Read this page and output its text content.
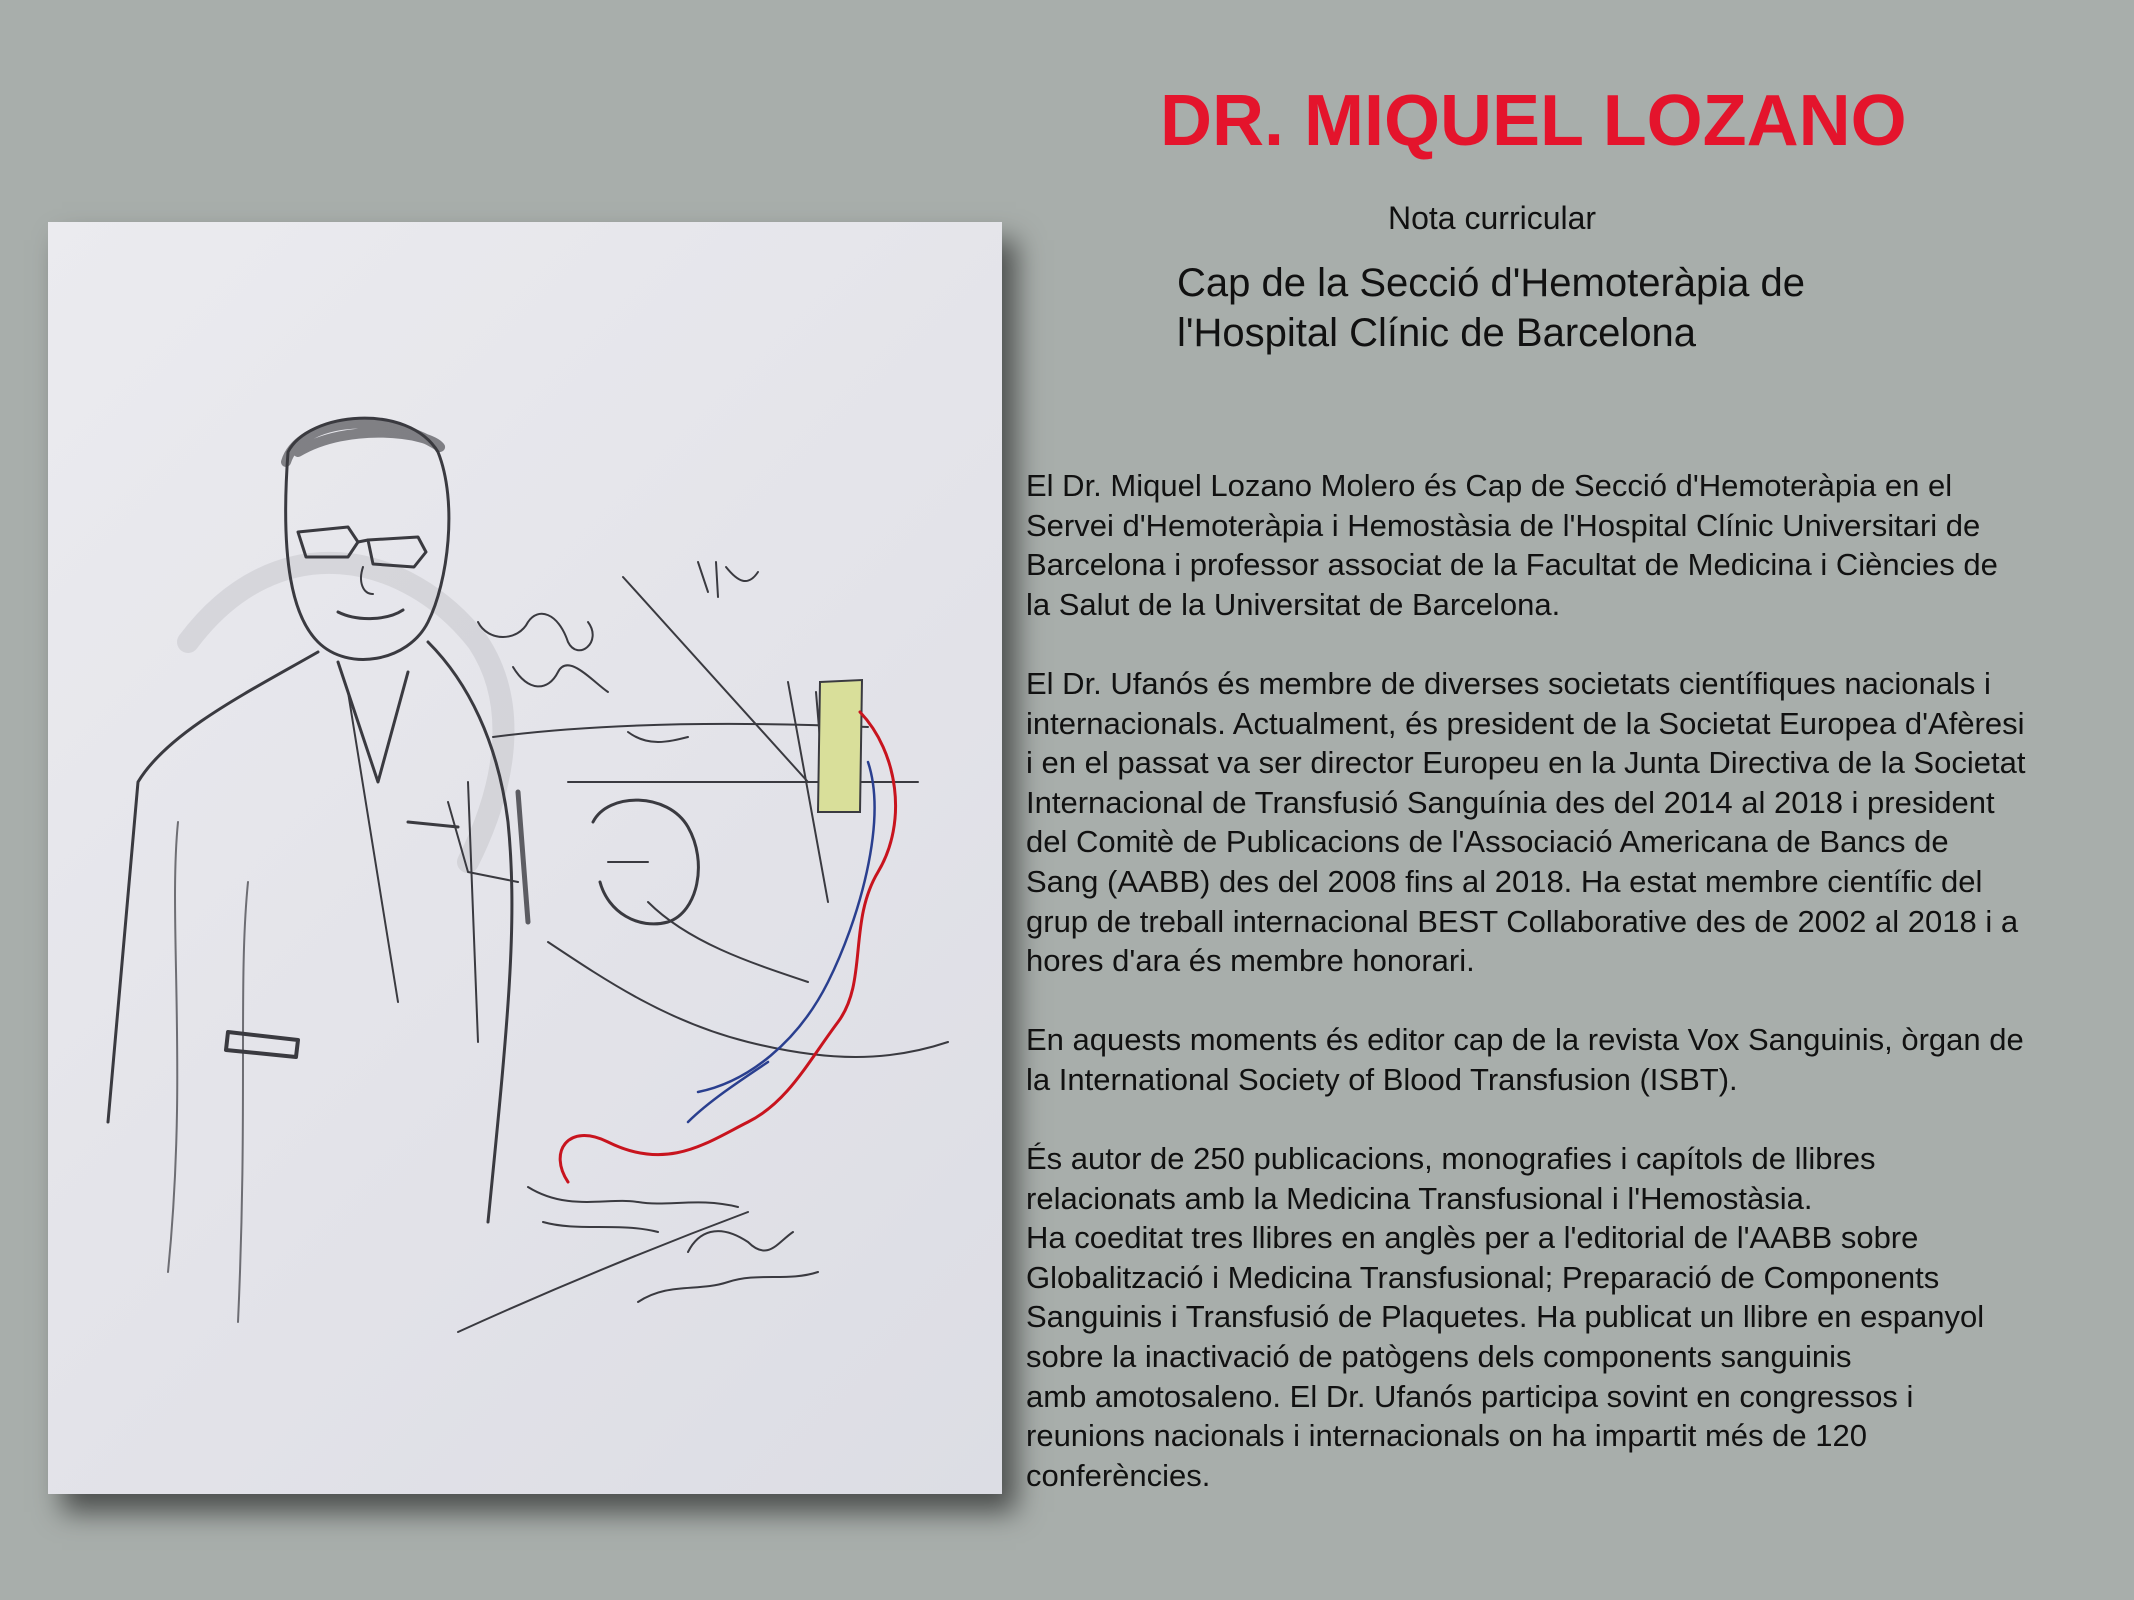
DR. MIQUEL LOZANO
Nota curricular
Cap de la Secció d'Hemoteràpia de
l'Hospital Clínic de Barcelona

El Dr. Miquel Lozano Molero és Cap de Secció d'Hemoteràpia en el
Servei d'Hemoteràpia i Hemostàsia de l'Hospital Clínic Universitari de
Barcelona i professor associat de la Facultat de Medicina i Ciències de
la Salut de la Universitat de Barcelona.

El Dr. Ufanós és membre de diverses societats científiques nacionals i
internacionals. Actualment, és president de la Societat Europea d'Afèresi
i en el passat va ser director Europeu en la Junta Directiva de la Societat
Internacional de Transfusió Sanguínia des del 2014 al 2018 i president
del Comitè de Publicacions de l'Associació Americana de Bancs de
Sang (AABB) des del 2008 fins al 2018. Ha estat membre científic del
grup de treball internacional BEST Collaborative des de 2002 al 2018 i a
hores d'ara és membre honorari.

En aquests moments és editor cap de la revista Vox Sanguinis, òrgan de
la International Society of Blood Transfusion (ISBT).

És autor de 250 publicacions, monografies i capítols de llibres
relacionats amb la Medicina Transfusional i l'Hemostàsia.
Ha coeditat tres llibres en anglès per a l'editorial de l'AABB sobre
Globalització i Medicina Transfusional; Preparació de Components
Sanguinis i Transfusió de Plaquetes. Ha publicat un llibre en espanyol
sobre la inactivació de patògens dels components sanguinis
amb amotosaleno. El Dr. Ufanós participa sovint en congressos i
reunions nacionals i internacionals on ha impartit més de 120
conferències.
